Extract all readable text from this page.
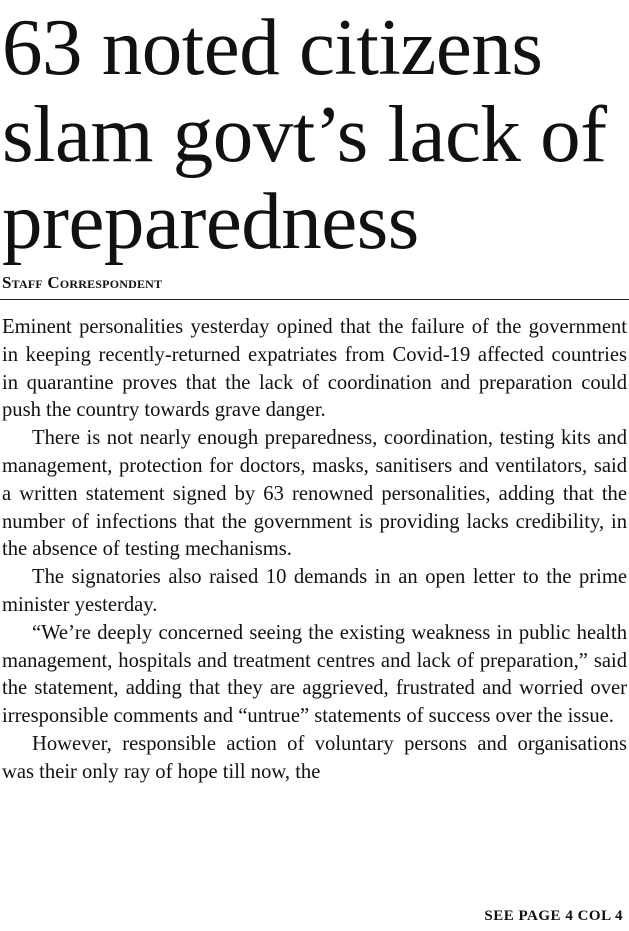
63 noted citizens
slam govt’s lack of
preparedness
Staff Correspondent

Eminent personalities yesterday opined that the failure of the government in keeping recently-returned expatriates from Covid-19 affected countries in quarantine proves that the lack of coordination and preparation could push the country towards grave danger.

There is not nearly enough preparedness, coordination, testing kits and management, protection for doctors, masks, sanitisers and ventilators, said a written statement signed by 63 renowned personalities, adding that the number of infections that the government is providing lacks credibility, in the absence of testing mechanisms.

The signatories also raised 10 demands in an open letter to the prime minister yesterday.

“We’re deeply concerned seeing the existing weakness in public health management, hospitals and treatment centres and lack of preparation,” said the statement, adding that they are aggrieved, frustrated and worried over irresponsible comments and “untrue” statements of success over the issue.

However, responsible action of voluntary persons and organisations was their only ray of hope till now, the

SEE PAGE 4 COL 4
